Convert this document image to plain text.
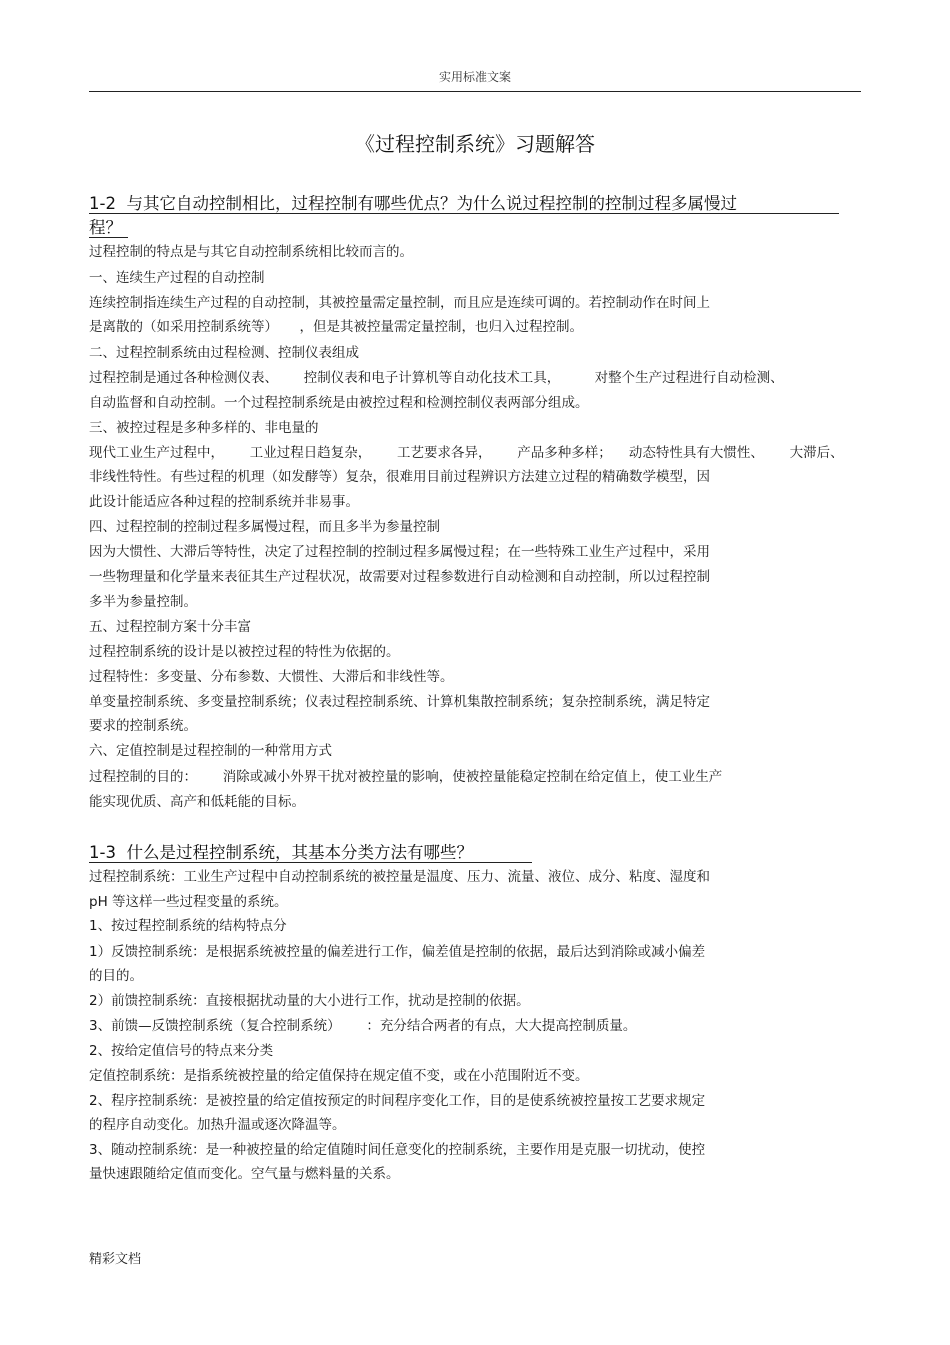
实用标准文案
《过程控制系统》习题解答
1-2  与其它自动控制相比，过程控制有哪些优点？为什么说过程控制的控制过程多属慢过
程？
过程控制的特点是与其它自动控制系统相比较而言的。
一、连续生产过程的自动控制
连续控制指连续生产过程的自动控制，其被控量需定量控制，而且应是连续可调的。若控制动作在时间上
是离散的（如采用控制系统等）     ，但是其被控量需定量控制，也归入过程控制。
二、过程控制系统由过程检测、控制仪表组成
过程控制是通过各种检测仪表、      控制仪表和电子计算机等自动化技术工具，        对整个生产过程进行自动检测、
自动监督和自动控制。一个过程控制系统是由被控过程和检测控制仪表两部分组成。
三、被控过程是多种多样的、非电量的
现代工业生产过程中，      工业过程日趋复杂，      工艺要求各异，      产品多种多样；    动态特性具有大惯性、      大滞后、
非线性特性。有些过程的机理（如发酵等）复杂，很难用目前过程辨识方法建立过程的精确数学模型，因
此设计能适应各种过程的控制系统并非易事。
四、过程控制的控制过程多属慢过程，而且多半为参量控制
因为大惯性、大滞后等特性，决定了过程控制的控制过程多属慢过程；在一些特殊工业生产过程中，采用
一些物理量和化学量来表征其生产过程状况，故需要对过程参数进行自动检测和自动控制，所以过程控制
多半为参量控制。
五、过程控制方案十分丰富
过程控制系统的设计是以被控过程的特性为依据的。
过程特性：多变量、分布参数、大惯性、大滞后和非线性等。
单变量控制系统、多变量控制系统；仪表过程控制系统、计算机集散控制系统；复杂控制系统，满足特定
要求的控制系统。
六、定值控制是过程控制的一种常用方式
过程控制的目的：      消除或减小外界干扰对被控量的影响，使被控量能稳定控制在给定值上，使工业生产
能实现优质、高产和低耗能的目标。
1-3  什么是过程控制系统，其基本分类方法有哪些？
过程控制系统：工业生产过程中自动控制系统的被控量是温度、压力、流量、液位、成分、粘度、湿度和
pH 等这样一些过程变量的系统。
1、按过程控制系统的结构特点分
1）反馈控制系统：是根据系统被控量的偏差进行工作，偏差值是控制的依据，最后达到消除或减小偏差
的目的。
2）前馈控制系统：直接根据扰动量的大小进行工作，扰动是控制的依据。
3、前馈—反馈控制系统（复合控制系统）      ：充分结合两者的有点，大大提高控制质量。
2、按给定值信号的特点来分类
定值控制系统：是指系统被控量的给定值保持在规定值不变，或在小范围附近不变。
2、程序控制系统：是被控量的给定值按预定的时间程序变化工作，目的是使系统被控量按工艺要求规定
的程序自动变化。加热升温或逐次降温等。
3、随动控制系统：是一种被控量的给定值随时间任意变化的控制系统，主要作用是克服一切扰动，使控
量快速跟随给定值而变化。空气量与燃料量的关系。
精彩文档
